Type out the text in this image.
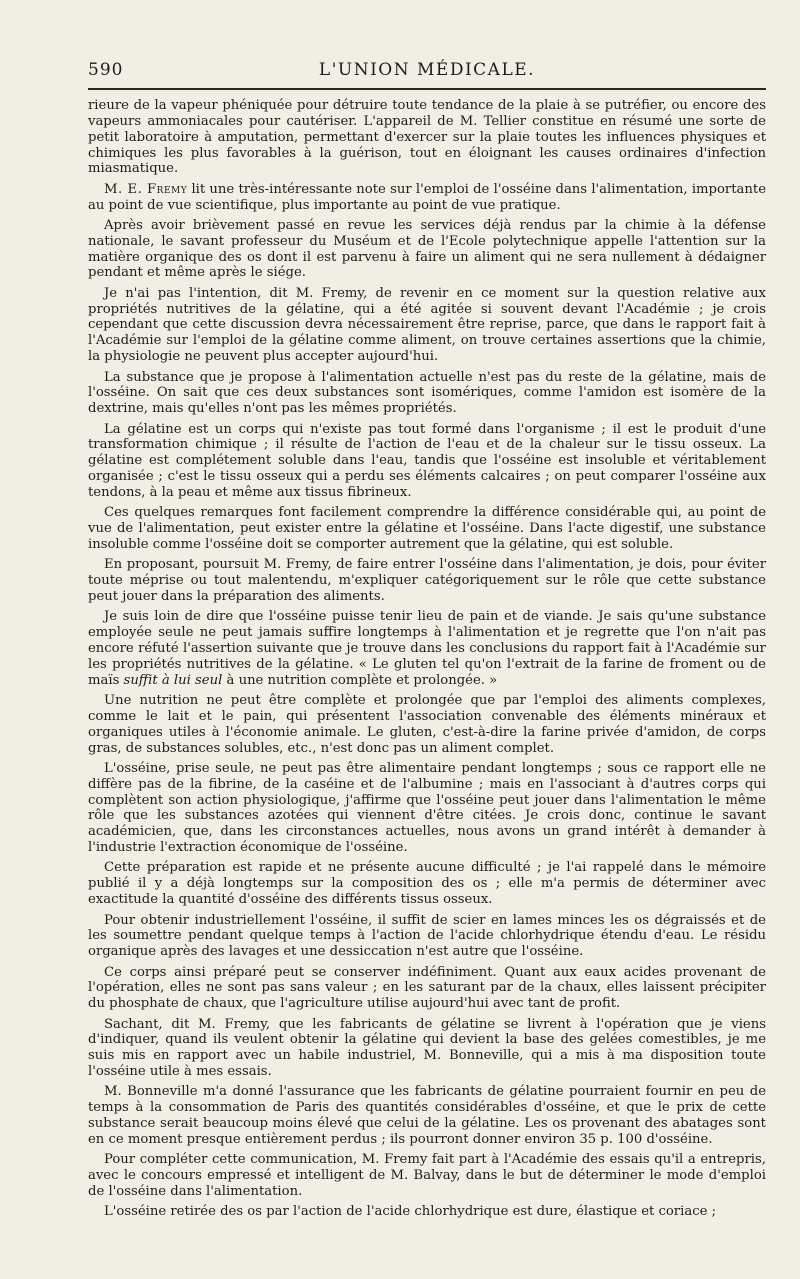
590	L'UNION MÉDICALE.

rieure de la vapeur phéniquée pour détruire toute tendance de la plaie à se putréfier, ou encore des vapeurs ammoniacales pour cautériser. L'appareil de M. Tellier constitue en résumé une sorte de petit laboratoire à amputation, permettant d'exercer sur la plaie toutes les influences physiques et chimiques les plus favorables à la guérison, tout en éloignant les causes ordinaires d'infection miasmatique.

M. E. Fremy lit une très-intéressante note sur l'emploi de l'osséine dans l'alimentation, importante au point de vue scientifique, plus importante au point de vue pratique.

Après avoir brièvement passé en revue les services déjà rendus par la chimie à la défense nationale, le savant professeur du Muséum et de l'Ecole polytechnique appelle l'attention sur la matière organique des os dont il est parvenu à faire un aliment qui ne sera nullement à dédaigner pendant et même après le siége.

Je n'ai pas l'intention, dit M. Fremy, de revenir en ce moment sur la question relative aux propriétés nutritives de la gélatine, qui a été agitée si souvent devant l'Académie ; je crois cependant que cette discussion devra nécessairement être reprise, parce, que dans le rapport fait à l'Académie sur l'emploi de la gélatine comme aliment, on trouve certaines assertions que la chimie, la physiologie ne peuvent plus accepter aujourd'hui.

La substance que je propose à l'alimentation actuelle n'est pas du reste de la gélatine, mais de l'osséine. On sait que ces deux substances sont isomériques, comme l'amidon est isomère de la dextrine, mais qu'elles n'ont pas les mêmes propriétés.

La gélatine est un corps qui n'existe pas tout formé dans l'organisme ; il est le produit d'une transformation chimique ; il résulte de l'action de l'eau et de la chaleur sur le tissu osseux. La gélatine est complétement soluble dans l'eau, tandis que l'osséine est insoluble et véritablement organisée ; c'est le tissu osseux qui a perdu ses éléments calcaires ; on peut comparer l'osséine aux tendons, à la peau et même aux tissus fibrineux.

Ces quelques remarques font facilement comprendre la différence considérable qui, au point de vue de l'alimentation, peut exister entre la gélatine et l'osséine. Dans l'acte digestif, une substance insoluble comme l'osséine doit se comporter autrement que la gélatine, qui est soluble.

En proposant, poursuit M. Fremy, de faire entrer l'osséine dans l'alimentation, je dois, pour éviter toute méprise ou tout malentendu, m'expliquer catégoriquement sur le rôle que cette substance peut jouer dans la préparation des aliments.

Je suis loin de dire que l'osséine puisse tenir lieu de pain et de viande. Je sais qu'une substance employée seule ne peut jamais suffire longtemps à l'alimentation et je regrette que l'on n'ait pas encore réfuté l'assertion suivante que je trouve dans les conclusions du rapport fait à l'Académie sur les propriétés nutritives de la gélatine. « Le gluten tel qu'on l'extrait de la farine de froment ou de maïs suffit à lui seul à une nutrition complète et prolongée. »

Une nutrition ne peut être complète et prolongée que par l'emploi des aliments complexes, comme le lait et le pain, qui présentent l'association convenable des éléments minéraux et organiques utiles à l'économie animale. Le gluten, c'est-à-dire la farine privée d'amidon, de corps gras, de substances solubles, etc., n'est donc pas un aliment complet.

L'osséine, prise seule, ne peut pas être alimentaire pendant longtemps ; sous ce rapport elle ne diffère pas de la fibrine, de la caséine et de l'albumine ; mais en l'associant à d'autres corps qui complètent son action physiologique, j'affirme que l'osséine peut jouer dans l'alimentation le même rôle que les substances azotées qui viennent d'être citées. Je crois donc, continue le savant académicien, que, dans les circonstances actuelles, nous avons un grand intérêt à demander à l'industrie l'extraction économique de l'osséine.

Cette préparation est rapide et ne présente aucune difficulté ; je l'ai rappelé dans le mémoire publié il y a déjà longtemps sur la composition des os ; elle m'a permis de déterminer avec exactitude la quantité d'osséine des différents tissus osseux.

Pour obtenir industriellement l'osséine, il suffit de scier en lames minces les os dégraissés et de les soumettre pendant quelque temps à l'action de l'acide chlorhydrique étendu d'eau. Le résidu organique après des lavages et une dessiccation n'est autre que l'osséine.

Ce corps ainsi préparé peut se conserver indéfiniment. Quant aux eaux acides provenant de l'opération, elles ne sont pas sans valeur ; en les saturant par de la chaux, elles laissent précipiter du phosphate de chaux, que l'agriculture utilise aujourd'hui avec tant de profit.

Sachant, dit M. Fremy, que les fabricants de gélatine se livrent à l'opération que je viens d'indiquer, quand ils veulent obtenir la gélatine qui devient la base des gelées comestibles, je me suis mis en rapport avec un habile industriel, M. Bonneville, qui a mis à ma disposition toute l'osséine utile à mes essais.

M. Bonneville m'a donné l'assurance que les fabricants de gélatine pourraient fournir en peu de temps à la consommation de Paris des quantités considérables d'osséine, et que le prix de cette substance serait beaucoup moins élevé que celui de la gélatine. Les os provenant des abatages sont en ce moment presque entièrement perdus ; ils pourront donner environ 35 p. 100 d'osséine.

Pour compléter cette communication, M. Fremy fait part à l'Académie des essais qu'il a entrepris, avec le concours empressé et intelligent de M. Balvay, dans le but de déterminer le mode d'emploi de l'osséine dans l'alimentation.

L'osséine retirée des os par l'action de l'acide chlorhydrique est dure, élastique et coriace ;
